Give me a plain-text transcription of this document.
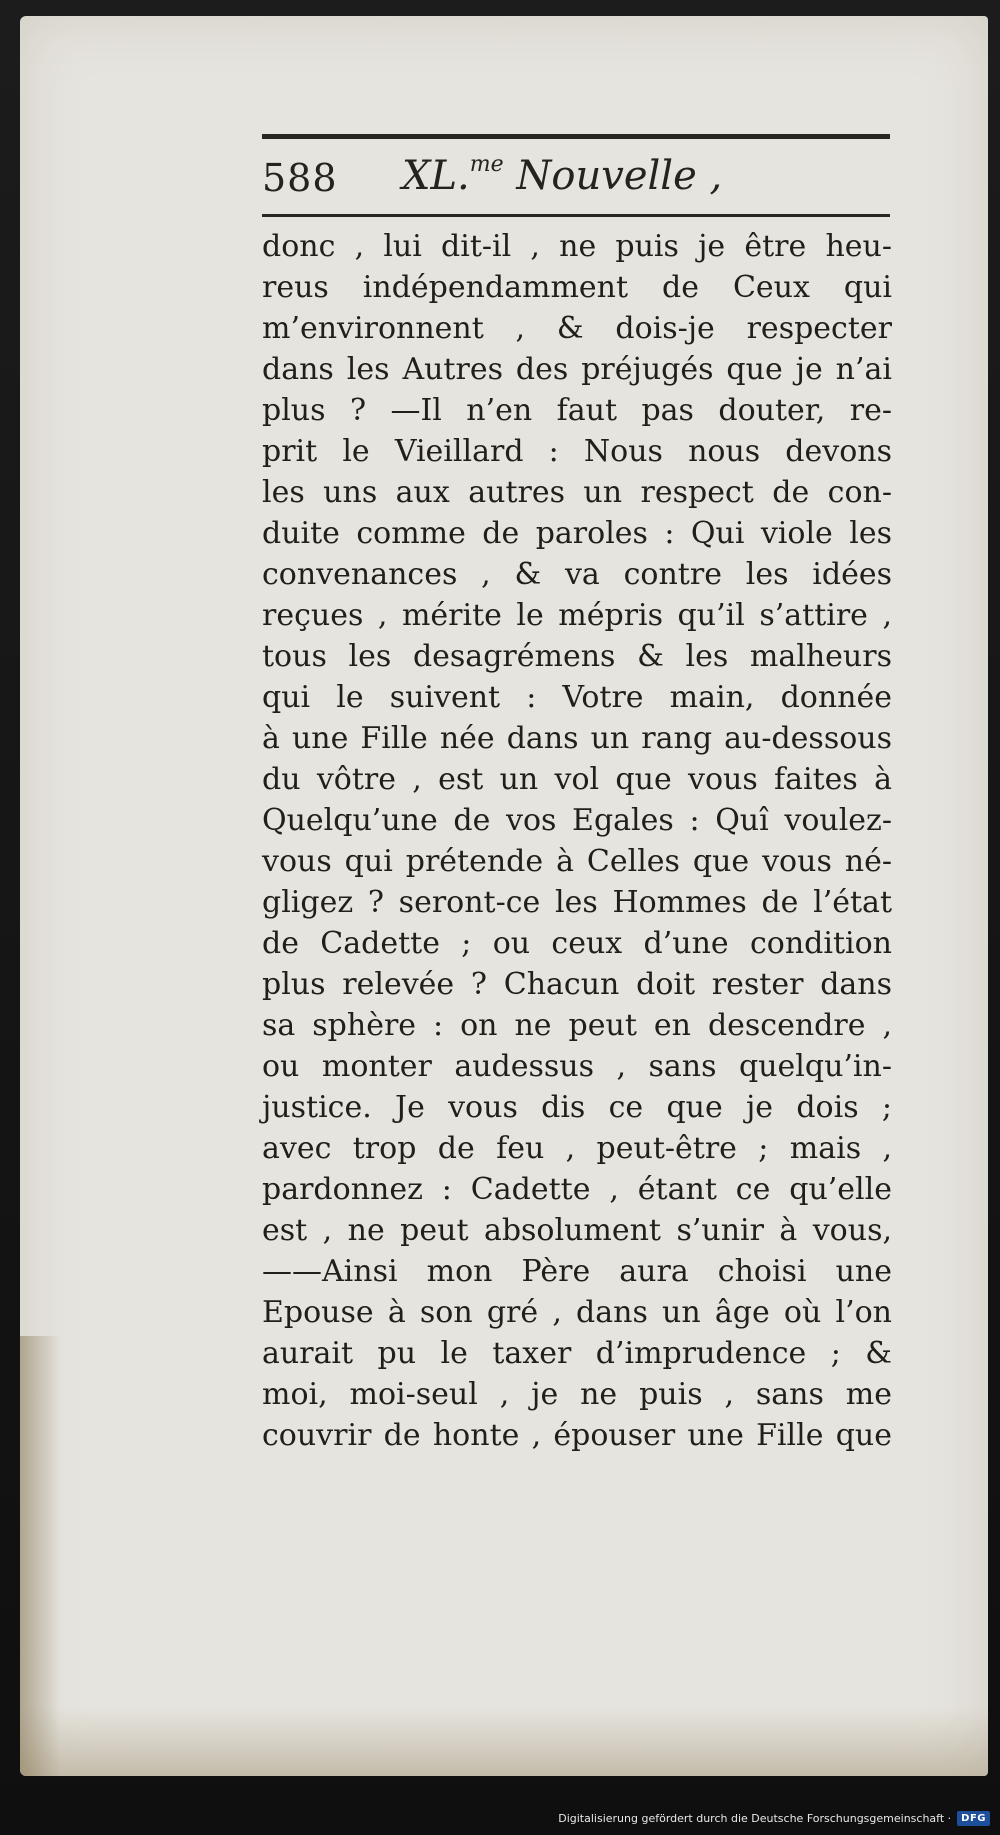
588 XL.$^{me}$ Nouvelle ,
donc , lui dit-il , ne puis je être heu-
reus indépendamment de Ceux qui
m’environnent , & dois-je respecter
dans les Autres des préjugés que je n’ai
plus ? —Il n’en faut pas douter, re-
prit le Vieillard : Nous nous devons
les uns aux autres un respect de con-
duite comme de paroles : Qui viole les
convenances , & va contre les idées
reçues , mérite le mépris qu’il s’attire ,
tous les desagrémens & les malheurs
qui le suivent : Votre main, donnée
à une Fille née dans un rang au-dessous
du vôtre , est un vol que vous faites à
Quelqu’une de vos Egales : Quî voulez-
vous qui prétende à Celles que vous né-
gligez ? seront-ce les Hommes de l’état
de Cadette ; ou ceux d’une condition
plus relevée ? Chacun doit rester dans
sa sphère : on ne peut en descendre ,
ou monter audessus , sans quelqu’in-
justice. Je vous dis ce que je dois ;
avec trop de feu , peut-être ; mais ,
pardonnez : Cadette , étant ce qu’elle
est , ne peut absolument s’unir à vous,
——Ainsi mon Père aura choisi une
Epouse à son gré , dans un âge où l’on
aurait pu le taxer d’imprudence ; &
moi, moi-seul , je ne puis , sans me
couvrir de honte , épouser une Fille que
Digitalisierung gefördert durch die Deutsche Forschungsgemeinschaft ·	DFG
